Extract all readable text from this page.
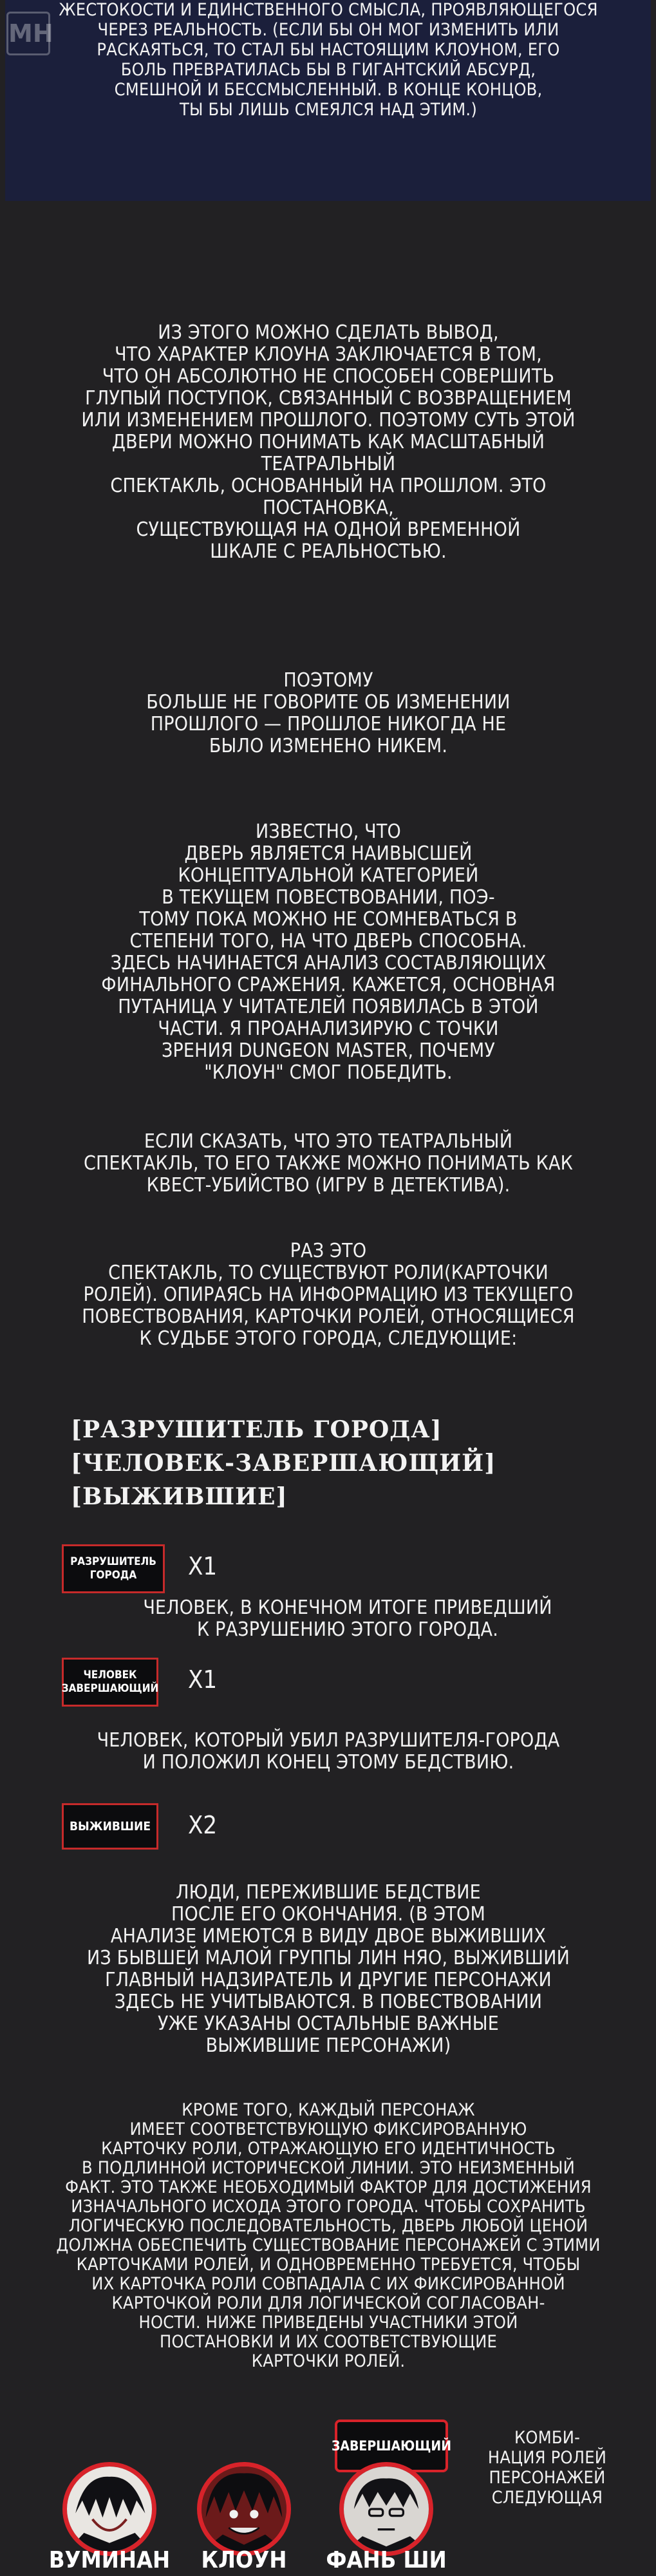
MH
ЖЕСТОКОСТИ И ЕДИНСТВЕННОГО СМЫСЛА, ПРОЯВЛЯЮЩЕГОСЯ
ЧЕРЕЗ РЕАЛЬНОСТЬ. (ЕСЛИ БЫ ОН МОГ ИЗМЕНИТЬ ИЛИ
РАСКАЯТЬСЯ, ТО СТАЛ БЫ НАСТОЯЩИМ КЛОУНОМ, ЕГО
БОЛЬ ПРЕВРАТИЛАСЬ БЫ В ГИГАНТСКИЙ АБСУРД,
СМЕШНОЙ И БЕССМЫСЛЕННЫЙ. В КОНЦЕ КОНЦОВ,
ТЫ БЫ ЛИШЬ СМЕЯЛСЯ НАД ЭТИМ.)
ИЗ ЭТОГО МОЖНО СДЕЛАТЬ ВЫВОД,
ЧТО ХАРАКТЕР КЛОУНА ЗАКЛЮЧАЕТСЯ В ТОМ,
ЧТО ОН АБСОЛЮТНО НЕ СПОСОБЕН СОВЕРШИТЬ
ГЛУПЫЙ ПОСТУПОК, СВЯЗАННЫЙ С ВОЗВРАЩЕНИЕМ
ИЛИ ИЗМЕНЕНИЕМ ПРОШЛОГО. ПОЭТОМУ СУТЬ ЭТОЙ
ДВЕРИ МОЖНО ПОНИМАТЬ КАК МАСШТАБНЫЙ ТЕАТРАЛЬНЫЙ
СПЕКТАКЛЬ, ОСНОВАННЫЙ НА ПРОШЛОМ. ЭТО ПОСТАНОВКА,
СУЩЕСТВУЮЩАЯ НА ОДНОЙ ВРЕМЕННОЙ
ШКАЛЕ С РЕАЛЬНОСТЬЮ.
ПОЭТОМУ
БОЛЬШЕ НЕ ГОВОРИТЕ ОБ ИЗМЕНЕНИИ
ПРОШЛОГО — ПРОШЛОЕ НИКОГДА НЕ
БЫЛО ИЗМЕНЕНО НИКЕМ.
ИЗВЕСТНО, ЧТО
ДВЕРЬ ЯВЛЯЕТСЯ НАИВЫСШЕЙ
КОНЦЕПТУАЛЬНОЙ КАТЕГОРИЕЙ
В ТЕКУЩЕМ ПОВЕСТВОВАНИИ, ПОЭ-
ТОМУ ПОКА МОЖНО НЕ СОМНЕВАТЬСЯ В
СТЕПЕНИ ТОГО, НА ЧТО ДВЕРЬ СПОСОБНА.
ЗДЕСЬ НАЧИНАЕТСЯ АНАЛИЗ СОСТАВЛЯЮЩИХ
ФИНАЛЬНОГО СРАЖЕНИЯ. КАЖЕТСЯ, ОСНОВНАЯ
ПУТАНИЦА У ЧИТАТЕЛЕЙ ПОЯВИЛАСЬ В ЭТОЙ
ЧАСТИ. Я ПРОАНАЛИЗИРУЮ С ТОЧКИ
ЗРЕНИЯ DUNGEON MASTER, ПОЧЕМУ
"КЛОУН" СМОГ ПОБЕДИТЬ.
ЕСЛИ СКАЗАТЬ, ЧТО ЭТО ТЕАТРАЛЬНЫЙ
СПЕКТАКЛЬ, ТО ЕГО ТАКЖЕ МОЖНО ПОНИМАТЬ КАК
КВЕСТ-УБИЙСТВО (ИГРУ В ДЕТЕКТИВА).
РАЗ ЭТО
СПЕКТАКЛЬ, ТО СУЩЕСТВУЮТ РОЛИ(КАРТОЧКИ
РОЛЕЙ). ОПИРАЯСЬ НА ИНФОРМАЦИЮ ИЗ ТЕКУЩЕГО
ПОВЕСТВОВАНИЯ, КАРТОЧКИ РОЛЕЙ, ОТНОСЯЩИЕСЯ
К СУДЬБЕ ЭТОГО ГОРОДА, СЛЕДУЮЩИЕ:
[РАЗРУШИТЕЛЬ ГОРОДА]
[ЧЕЛОВЕК-ЗАВЕРШАЮЩИЙ]
[ВЫЖИВШИЕ]
РАЗРУШИТЕЛЬ
ГОРОДА	X1
ЧЕЛОВЕК, В КОНЕЧНОМ ИТОГЕ ПРИВЕДШИЙ
К РАЗРУШЕНИЮ ЭТОГО ГОРОДА.
ЧЕЛОВЕК
ЗАВЕРШАЮЩИЙ X1
ЧЕЛОВЕК, КОТОРЫЙ УБИЛ РАЗРУШИТЕЛЯ-ГОРОДА
И ПОЛОЖИЛ КОНЕЦ ЭТОМУ БЕДСТВИЮ.
ВЫЖИВШИЕ	X2
ЛЮДИ, ПЕРЕЖИВШИЕ БЕДСТВИЕ
ПОСЛЕ ЕГО ОКОНЧАНИЯ. (В ЭТОМ
АНАЛИЗЕ ИМЕЮТСЯ В ВИДУ ДВОЕ ВЫЖИВШИХ
ИЗ БЫВШЕЙ МАЛОЙ ГРУППЫ ЛИН НЯО, ВЫЖИВШИЙ
ГЛАВНЫЙ НАДЗИРАТЕЛЬ И ДРУГИЕ ПЕРСОНАЖИ
ЗДЕСЬ НЕ УЧИТЫВАЮТСЯ. В ПОВЕСТВОВАНИИ
УЖЕ УКАЗАНЫ ОСТАЛЬНЫЕ ВАЖНЫЕ
ВЫЖИВШИЕ ПЕРСОНАЖИ)
КРОМЕ ТОГО, КАЖДЫЙ ПЕРСОНАЖ
ИМЕЕТ СООТВЕТСТВУЮЩУЮ ФИКСИРОВАННУЮ
КАРТОЧКУ РОЛИ, ОТРАЖАЮЩУЮ ЕГО ИДЕНТИЧНОСТЬ
В ПОДЛИННОЙ ИСТОРИЧЕСКОЙ ЛИНИИ. ЭТО НЕИЗМЕННЫЙ
ФАКТ. ЭТО ТАКЖЕ НЕОБХОДИМЫЙ ФАКТОР ДЛЯ ДОСТИЖЕНИЯ
ИЗНАЧАЛЬНОГО ИСХОДА ЭТОГО ГОРОДА. ЧТОБЫ СОХРАНИТЬ
ЛОГИЧЕСКУЮ ПОСЛЕДОВАТЕЛЬНОСТЬ, ДВЕРЬ ЛЮБОЙ ЦЕНОЙ
ДОЛЖНА ОБЕСПЕЧИТЬ СУЩЕСТВОВАНИЕ ПЕРСОНАЖЕЙ С ЭТИМИ
КАРТОЧКАМИ РОЛЕЙ, И ОДНОВРЕМЕННО ТРЕБУЕТСЯ, ЧТОБЫ
ИХ КАРТОЧКА РОЛИ СОВПАДАЛА С ИХ ФИКСИРОВАННОЙ
КАРТОЧКОЙ РОЛИ ДЛЯ ЛОГИЧЕСКОЙ СОГЛАСОВАН-
НОСТИ. НИЖЕ ПРИВЕДЕНЫ УЧАСТНИКИ ЭТОЙ
ПОСТАНОВКИ И ИХ СООТВЕТСТВУЮЩИЕ
КАРТОЧКИ РОЛЕЙ.
ЗАВЕРШАЮЩИЙ
ВУМИНАН	КЛОУН	ФАНЬ ШИ
КОМБИ-
НАЦИЯ РОЛЕЙ
ПЕРСОНАЖЕЙ
СЛЕДУЮЩАЯ
